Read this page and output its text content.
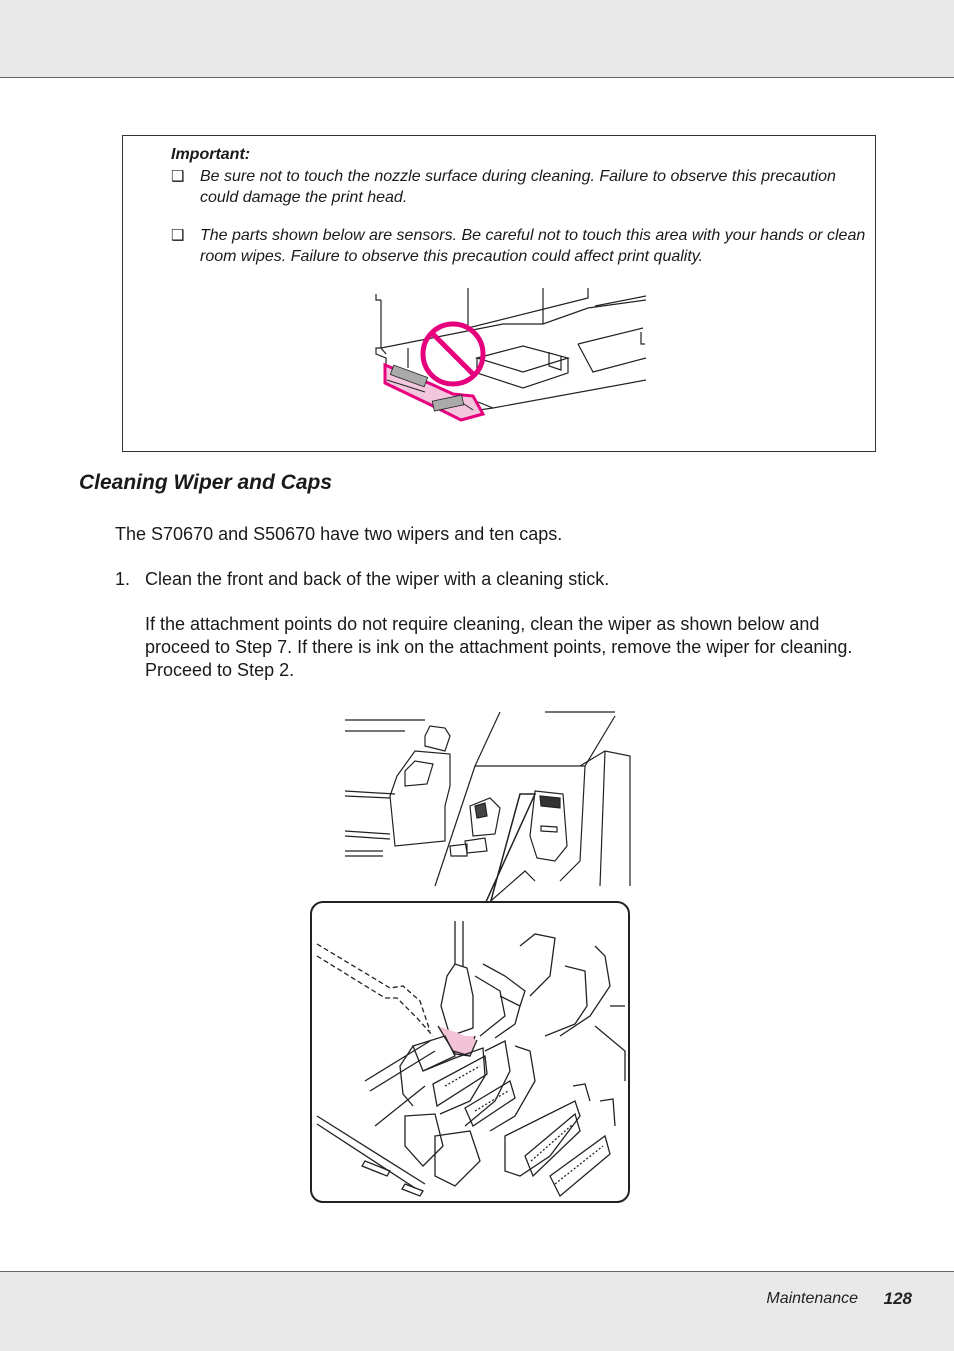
Important:
❑ Be sure not to touch the nozzle surface during cleaning. Failure to observe this precaution could damage the print head.
❑ The parts shown below are sensors. Be careful not to touch this area with your hands or clean room wipes. Failure to observe this precaution could affect print quality.
Cleaning Wiper and Caps
The S70670 and S50670 have two wipers and ten caps.
1. Clean the front and back of the wiper with a cleaning stick.
If the attachment points do not require cleaning, clean the wiper as shown below and proceed to Step 7. If there is ink on the attachment points, remove the wiper for cleaning. Proceed to Step 2.
Maintenance 128
